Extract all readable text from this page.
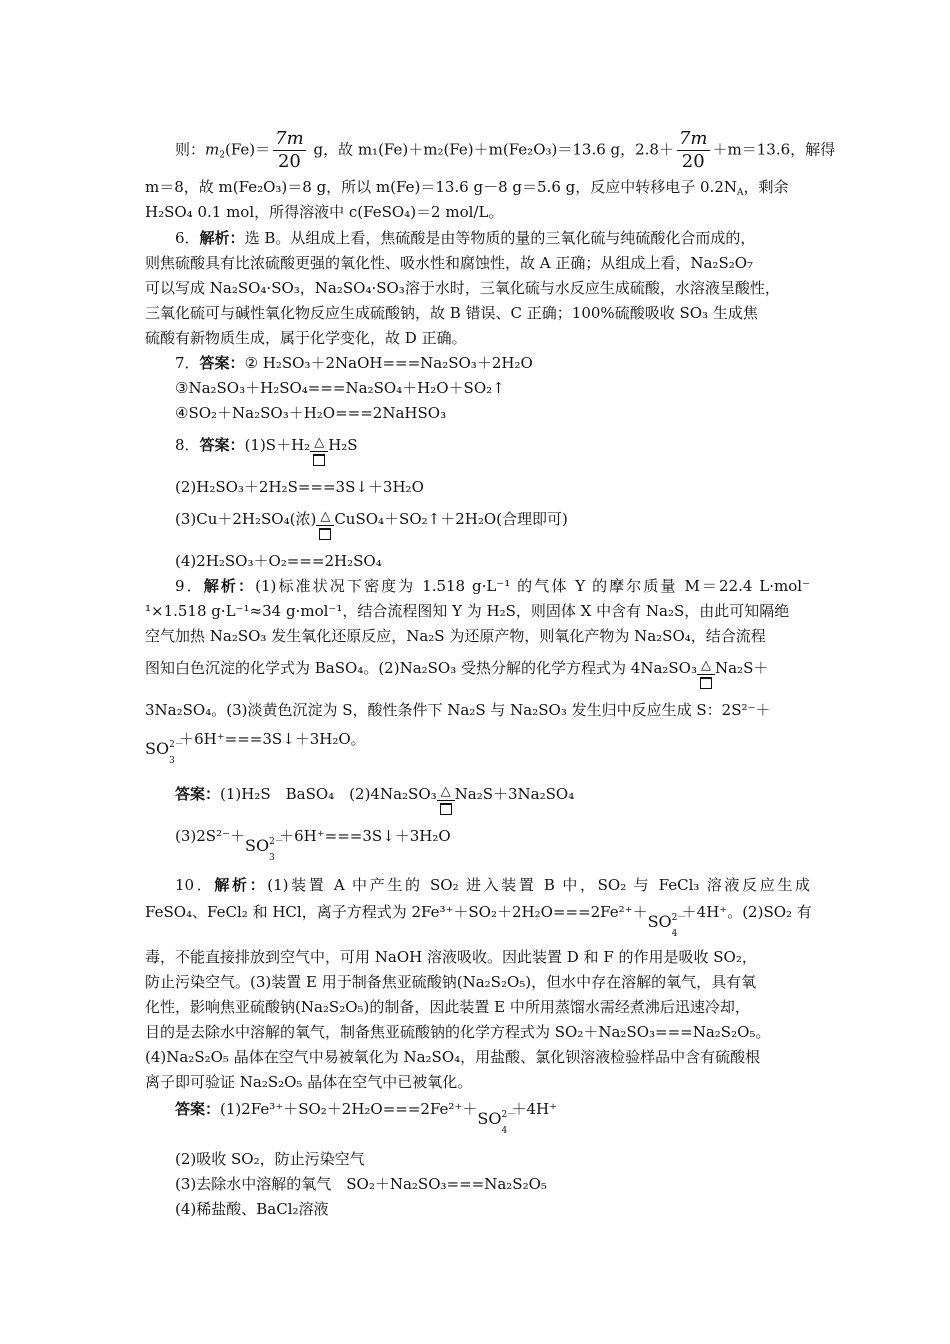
则：$m_2(Fe)= \frac{7m}{20}$ g，故 m₁(Fe)＋m₂(Fe)＋m(Fe₂O₃)＝13.6 g，$2.8+ \frac{7m}{20} +m=13.6$，解得
m＝8，故 m(Fe₂O₃)＝8 g，所以 m(Fe)＝13.6 g－8 g＝5.6 g，反应中转移电子 $0.2N_A$，剩余
H₂SO₄ 0.1 mol，所得溶液中 c(FeSO₄)＝2 mol/L。
6．解析：选 B。从组成上看，焦硫酸是由等物质的量的三氧化硫与纯硫酸化合而成的，
则焦硫酸具有比浓硫酸更强的氧化性、吸水性和腐蚀性，故 A 正确；从组成上看，Na₂S₂O₇
可以写成 Na₂SO₄·SO₃，Na₂SO₄·SO₃溶于水时，三氧化硫与水反应生成硫酸，水溶液呈酸性，
三氧化硫可与碱性氧化物反应生成硫酸钠，故 B 错误、C 正确；100%硫酸吸收 SO₃ 生成焦
硫酸有新物质生成，属于化学变化，故 D 正确。
7．答案：② H₂SO₃＋2NaOH===Na₂SO₃＋2H₂O
③Na₂SO₃＋H₂SO₄===Na₂SO₄＋H₂O＋SO₂↑
④SO₂＋Na₂SO₃＋H₂O===2NaHSO₃
8．答案：(1)S＋H₂ △ H₂S
(2)H₂SO₃＋2H₂S===3S↓＋3H₂O
(3)Cu＋2H₂SO₄(浓) △ CuSO₄＋SO₂↑＋2H₂O(合理即可)
(4)2H₂SO₃＋O₂===2H₂SO₄
9．解析：(1)标准状况下密度为 1.518 g·L⁻¹ 的气体 Y 的摩尔质量 M＝22.4 L·mol⁻
¹×1.518 g·L⁻¹≈34 g·mol⁻¹，结合流程图知 Y 为 H₂S，则固体 X 中含有 Na₂S，由此可知隔绝
空气加热 Na₂SO₃ 发生氧化还原反应，Na₂S 为还原产物，则氧化产物为 Na₂SO₄，结合流程
图知白色沉淀的化学式为 BaSO₄。(2)Na₂SO₃ 受热分解的化学方程式为 4Na₂SO₃ △ Na₂S＋
3Na₂SO₄。(3)淡黄色沉淀为 S，酸性条件下 Na₂S 与 Na₂SO₃ 发生归中反应生成 S：2S²⁻＋
SO 2－
3
＋6H⁺===3S↓＋3H₂O。
答案：(1)H₂S　BaSO₄　(2)4Na₂SO₃ △ Na₂S＋3Na₂SO₄
(3)2S²⁻＋SO 2－
3
＋6H⁺===3S↓＋3H₂O
10．解析：(1)装置 A 中产生的 SO₂ 进入装置 B 中，SO₂ 与 FeCl₃ 溶液反应生成
FeSO₄、FeCl₂ 和 HCl，离子方程式为 2Fe³⁺＋SO₂＋2H₂O===2Fe²⁺＋SO 2－
4
＋4H⁺。(2)SO₂ 有
毒，不能直接排放到空气中，可用 NaOH 溶液吸收。因此装置 D 和 F 的作用是吸收 SO₂，
防止污染空气。(3)装置 E 用于制备焦亚硫酸钠(Na₂S₂O₅)，但水中存在溶解的氧气，具有氧
化性，影响焦亚硫酸钠(Na₂S₂O₅)的制备，因此装置 E 中所用蒸馏水需经煮沸后迅速冷却，
目的是去除水中溶解的氧气，制备焦亚硫酸钠的化学方程式为 SO₂＋Na₂SO₃===Na₂S₂O₅。
(4)Na₂S₂O₅ 晶体在空气中易被氧化为 Na₂SO₄，用盐酸、氯化钡溶液检验样品中含有硫酸根
离子即可验证 Na₂S₂O₅ 晶体在空气中已被氧化。
答案：(1)2Fe³⁺＋SO₂＋2H₂O===2Fe²⁺＋SO 2－
4
＋4H⁺
(2)吸收 SO₂，防止污染空气
(3)去除水中溶解的氧气　SO₂＋Na₂SO₃===Na₂S₂O₅
(4)稀盐酸、BaCl₂溶液
